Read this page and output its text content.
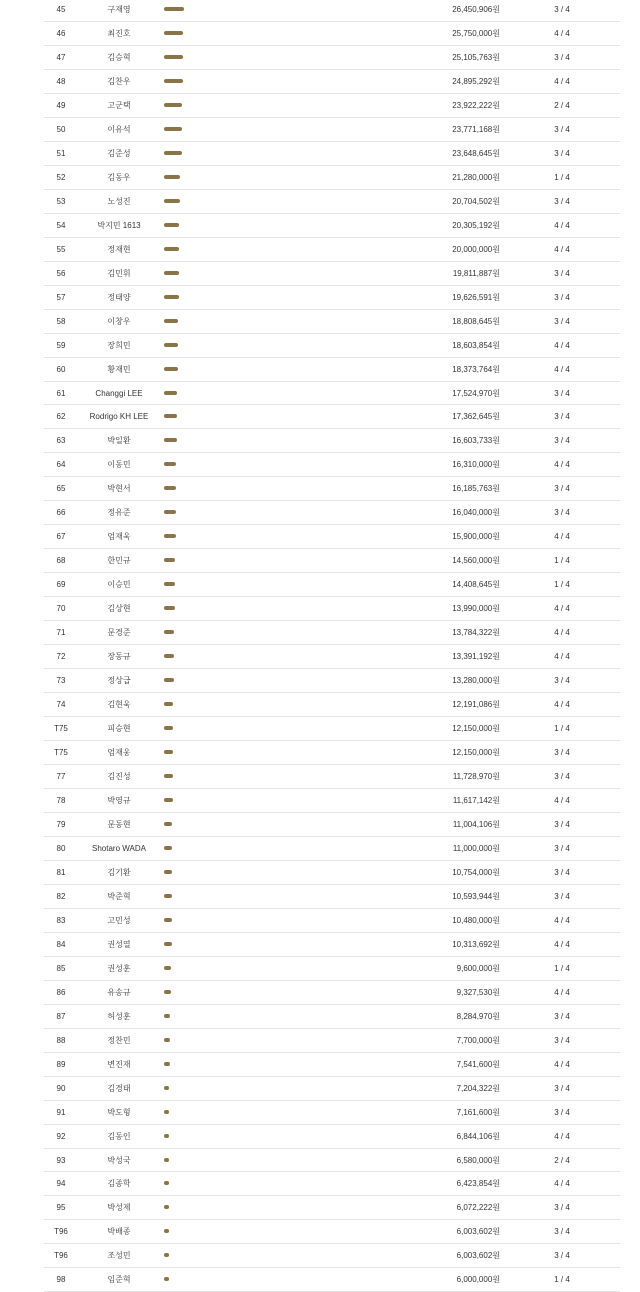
45	구재영	26,450,906원	3 / 4
46	최진호	25,750,000원	4 / 4
47	김승혁	25,105,763원	3 / 4
48	김찬우	24,895,292원	4 / 4
49	고군택	23,922,222원	2 / 4
50	이유석	23,771,168원	3 / 4
51	김준성	23,648,645원	3 / 4
52	김동우	21,280,000원	1 / 4
53	노성진	20,704,502원	3 / 4
54	박지민 1613	20,305,192원	4 / 4
55	정재현	20,000,000원	4 / 4
56	김민휘	19,811,887원	3 / 4
57	정태양	19,626,591원	3 / 4
58	이창우	18,808,645원	3 / 4
59	장희민	18,603,854원	4 / 4
60	황재민	18,373,764원	4 / 4
61	Changgi LEE	17,524,970원	3 / 4
62	Rodrigo KH LEE	17,362,645원	3 / 4
63	박일환	16,603,733원	3 / 4
64	이동민	16,310,000원	4 / 4
65	박현서	16,185,763원	3 / 4
66	정유준	16,040,000원	3 / 4
67	엄재욱	15,900,000원	4 / 4
68	한민규	14,560,000원	1 / 4
69	이승민	14,408,645원	1 / 4
70	김상현	13,990,000원	4 / 4
71	문경준	13,784,322원	4 / 4
72	장동규	13,391,192원	4 / 4
73	정상급	13,280,000원	3 / 4
74	김현욱	12,191,086원	4 / 4
T75	피승현	12,150,000원	1 / 4
T75	엄재웅	12,150,000원	3 / 4
77	김진성	11,728,970원	3 / 4
78	박영규	11,617,142원	4 / 4
79	문동현	11,004,106원	3 / 4
80	Shotaro WADA	11,000,000원	3 / 4
81	김기환	10,754,000원	3 / 4
82	박준혁	10,593,944원	3 / 4
83	고민성	10,480,000원	4 / 4
84	권성열	10,313,692원	4 / 4
85	권성훈	9,600,000원	1 / 4
86	유송규	9,327,530원	4 / 4
87	허성훈	8,284,970원	3 / 4
88	정찬민	7,700,000원	3 / 4
89	변진재	7,541,600원	4 / 4
90	김경태	7,204,322원	3 / 4
91	박도형	7,161,600원	3 / 4
92	김동인	6,844,106원	4 / 4
93	박성국	6,580,000원	2 / 4
94	김종학	6,423,854원	4 / 4
95	박성제	6,072,222원	3 / 4
T96	박배종	6,003,602원	3 / 4
T96	조성민	6,003,602원	3 / 4
98	임준혁	6,000,000원	1 / 4
